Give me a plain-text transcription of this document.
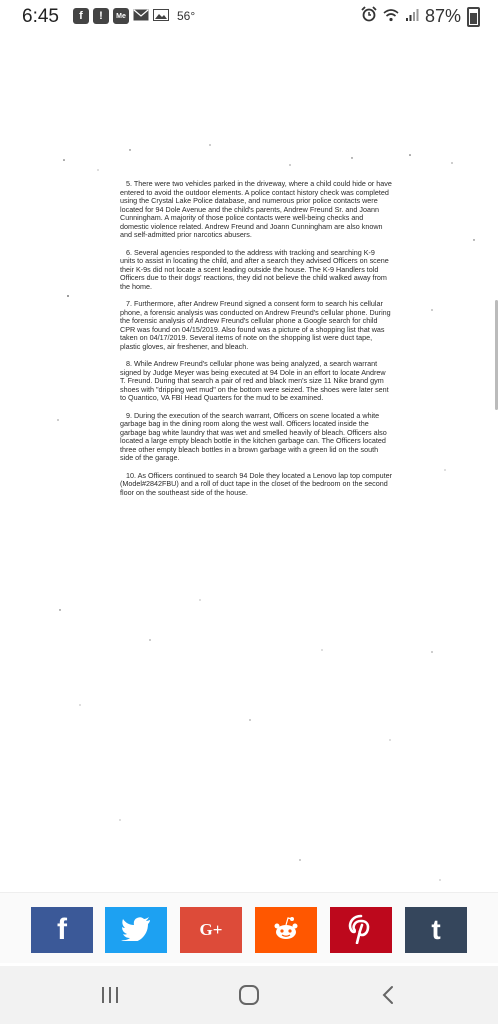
6:45	f	!	Me	56°	87%

5. There were two vehicles parked in the driveway, where a child could hide or have entered to avoid the outdoor elements. A police contact history check was completed using the Crystal Lake Police database, and numerous prior police contacts were located for 94 Dole Avenue and the child's parents, Andrew Freund Sr. and Joann Cunningham. A majority of those police contacts were well-being checks and domestic violence related. Andrew Freund and Joann Cunningham are also known and self-admitted prior narcotics abusers.

6. Several agencies responded to the address with tracking and searching K-9 units to assist in locating the child, and after a search they advised Officers on scene their K-9s did not locate a scent leading outside the house. The K-9 Handlers told Officers due to their dogs' reactions, they did not believe the child walked away from the home.

7. Furthermore, after Andrew Freund signed a consent form to search his cellular phone, a forensic analysis was conducted on Andrew Freund's cellular phone. During the forensic analysis of Andrew Freund's cellular phone a Google search for child CPR was found on 04/15/2019. Also found was a picture of a shopping list that was taken on 04/17/2019. Several items of note on the shopping list were duct tape, plastic gloves, air freshener, and bleach.

8. While Andrew Freund's cellular phone was being analyzed, a search warrant signed by Judge Meyer was being executed at 94 Dole in an effort to locate Andrew T. Freund. During that search a pair of red and black men's size 11 Nike brand gym shoes with "dripping wet mud" on the bottom were seized. The shoes were later sent to Quantico, VA FBI Head Quarters for the mud to be examined.

9. During the execution of the search warrant, Officers on scene located a white garbage bag in the dining room along the west wall. Officers located inside the garbage bag white laundry that was wet and smelled heavily of bleach. Officers also located a large empty bleach bottle in the kitchen garbage can. The Officers located three other empty bleach bottles in a brown garbage with a green lid on the south side of the garage.

10. As Officers continued to search 94 Dole they located a Lenovo lap top computer (Model#2842FBU) and a roll of duct tape in the closet of the bedroom on the second floor on the southeast side of the house.

f	G+	t
